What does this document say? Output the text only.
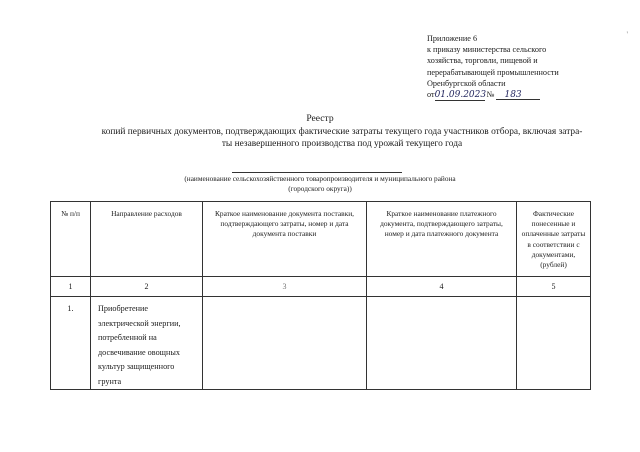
'
Приложение 6
к приказу министерства сельского
хозяйства, торговли, пищевой и
перерабатывающей промышленности
Оренбургской области
от01.09.2023 № 183
Реестр
копий первичных документов, подтверждающих фактические затраты текущего года участников отбора, включая затра-
ты незавершенного производства под урожай текущего года
(наименование сельскохозяйственного товаропроизводителя и муниципального района
(городского округа))
№ п/п	Направление расходов	Краткое наименование документа поставки, подтверждающего затраты, номер и дата документа поставки	Краткое наименование платежного документа, подтверждающего затраты, номер и дата платежного документа	Фактические понесенные и оплаченные затраты в соответствии с документами, (рублей)
1	2	3	4	5
1.	Приобретение электрической энергии, потребленной на досвечивание овощных культур защищенного грунта			
